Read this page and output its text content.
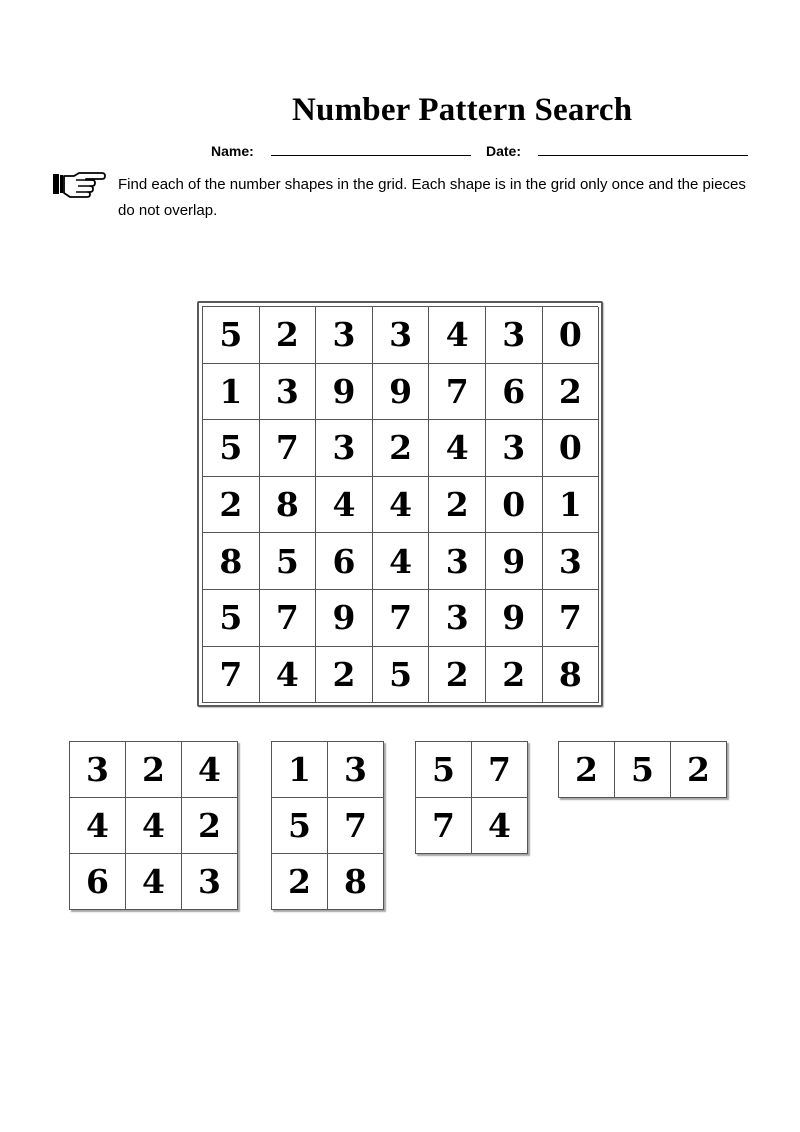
Number Pattern Search
Name:	Date:
Find each of the number shapes in the grid. Each shape is in the grid only once and the pieces do not overlap.
5	2	3	3	4	3	0
1	3	9	9	7	6	2
5	7	3	2	4	3	0
2	8	4	4	2	0	1
8	5	6	4	3	9	3
5	7	9	7	3	9	7
7	4	2	5	2	2	8
3	2	4
4	4	2
6	4	3
1	3
5	7
2	8
5	7
7	4
2	5	2
